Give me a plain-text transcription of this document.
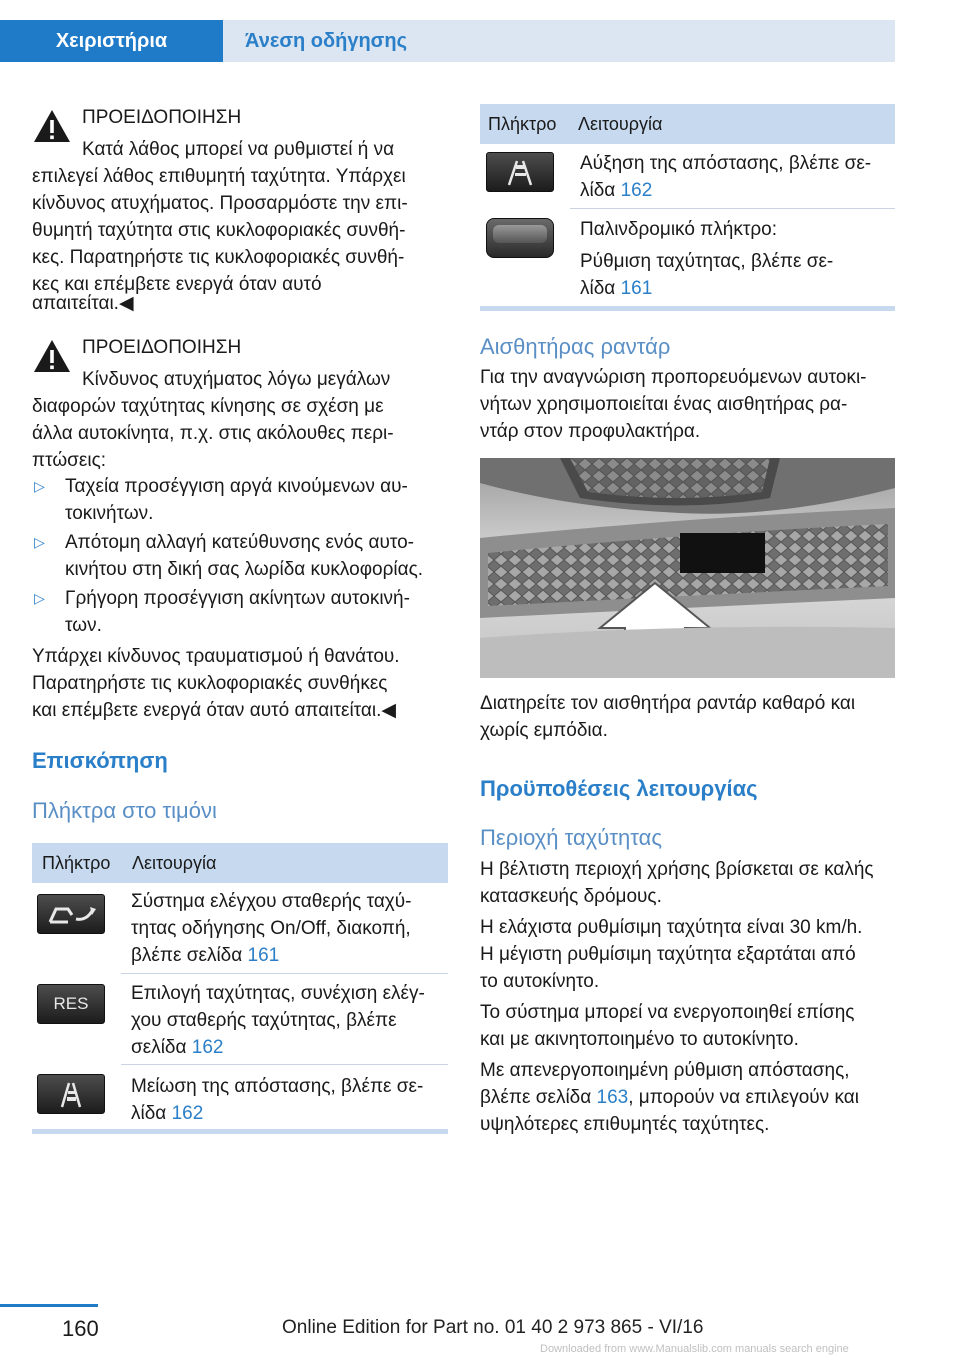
Χειριστήρια	Άνεση οδήγησης
ΠΡΟΕΙΔΟΠΟΙΗΣΗ
Κατά λάθος μπορεί να ρυθμιστεί ή να
επιλεγεί λάθος επιθυμητή ταχύτητα. Υπάρχει
κίνδυνος ατυχήματος. Προσαρμόστε την επι‐
θυμητή ταχύτητα στις κυκλοφοριακές συνθή‐
κες. Παρατηρήστε τις κυκλοφοριακές συνθή‐
κες και επέμβετε ενεργά όταν αυτό
απαιτείται.◀
ΠΡΟΕΙΔΟΠΟΙΗΣΗ
Κίνδυνος ατυχήματος λόγω μεγάλων
διαφορών ταχύτητας κίνησης σε σχέση με
άλλα αυτοκίνητα, π.χ. στις ακόλουθες περι‐
πτώσεις:
▷ Ταχεία προσέγγιση αργά κινούμενων αυ‐
τοκινήτων.
▷ Απότομη αλλαγή κατεύθυνσης ενός αυτο‐
κινήτου στη δική σας λωρίδα κυκλοφορίας.
▷ Γρήγορη προσέγγιση ακίνητων αυτοκινή‐
των.
Υπάρχει κίνδυνος τραυματισμού ή θανάτου.
Παρατηρήστε τις κυκλοφοριακές συνθήκες
και επέμβετε ενεργά όταν αυτό απαιτείται.◀
Επισκόπηση
Πλήκτρα στο τιμόνι
Πλήκτρο Λειτουργία
Σύστημα ελέγχου σταθερής ταχύ‐
τητας οδήγησης On/Off, διακοπή,
βλέπε σελίδα 161
RES	Επιλογή ταχύτητας, συνέχιση ελέγ‐
χου σταθερής ταχύτητας, βλέπε
σελίδα 162
Μείωση της απόστασης, βλέπε σε‐
λίδα 162
Πλήκτρο Λειτουργία
Αύξηση της απόστασης, βλέπε σε‐
λίδα 162
Παλινδρομικό πλήκτρο:
Ρύθμιση ταχύτητας, βλέπε σε‐
λίδα 161
Αισθητήρας ραντάρ
Για την αναγνώριση προπορευόμενων αυτοκι‐
νήτων χρησιμοποιείται ένας αισθητήρας ρα‐
ντάρ στον προφυλακτήρα.
Διατηρείτε τον αισθητήρα ραντάρ καθαρό και
χωρίς εμπόδια.
Προϋποθέσεις λειτουργίας
Περιοχή ταχύτητας
Η βέλτιστη περιοχή χρήσης βρίσκεται σε καλής
κατασκευής δρόμους.
Η ελάχιστα ρυθμίσιμη ταχύτητα είναι 30 km/h.
Η μέγιστη ρυθμίσιμη ταχύτητα εξαρτάται από
το αυτοκίνητο.
Το σύστημα μπορεί να ενεργοποιηθεί επίσης
και με ακινητοποιημένο το αυτοκίνητο.
Με απενεργοποιημένη ρύθμιση απόστασης,
βλέπε σελίδα 163, μπορούν να επιλεγούν και
υψηλότερες επιθυμητές ταχύτητες.
160	Online Edition for Part no. 01 40 2 973 865 - VI/16
Downloaded from www.Manualslib.com manuals search engine
